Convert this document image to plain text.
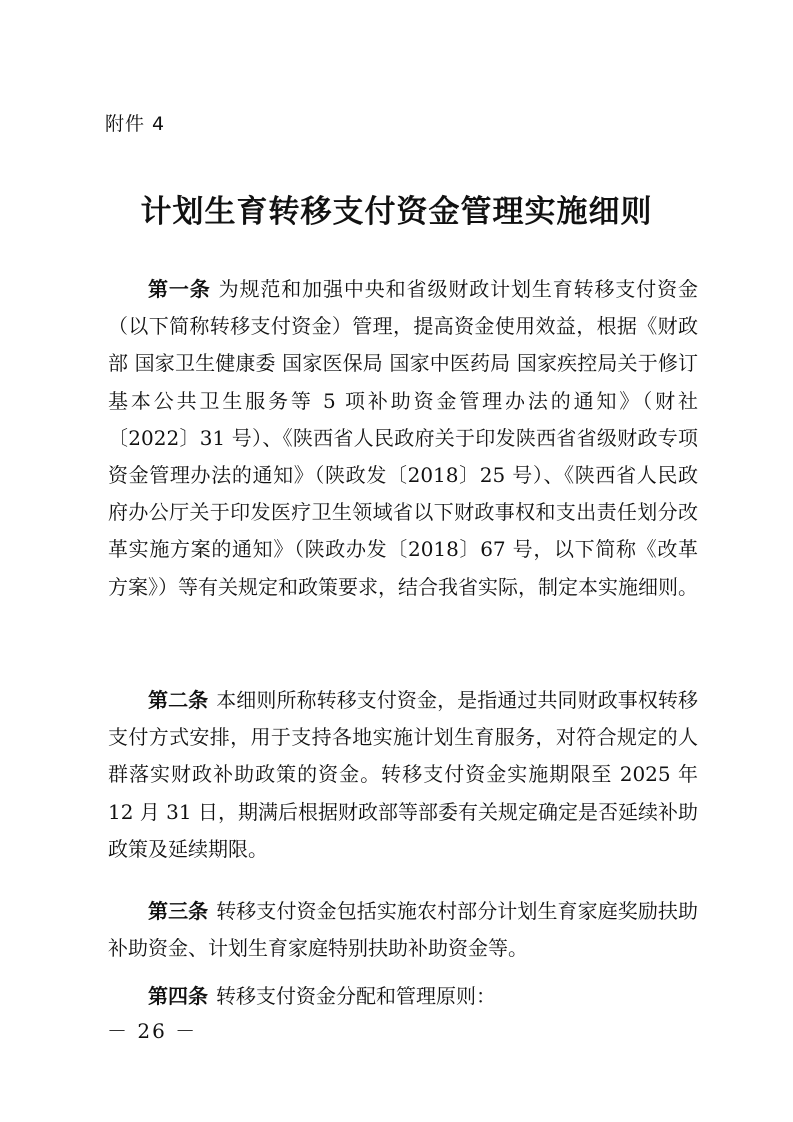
附件 4
计划生育转移支付资金管理实施细则

第一条 为规范和加强中央和省级财政计划生育转移支付资金（以下简称转移支付资金）管理，提高资金使用效益，根据《财政部 国家卫生健康委 国家医保局 国家中医药局 国家疾控局关于修订基本公共卫生服务等 5 项补助资金管理办法的通知》（财社〔2022〕31 号）、《陕西省人民政府关于印发陕西省省级财政专项资金管理办法的通知》（陕政发〔2018〕25 号）、《陕西省人民政府办公厅关于印发医疗卫生领域省以下财政事权和支出责任划分改革实施方案的通知》（陕政办发〔2018〕67 号，以下简称《改革方案》）等有关规定和政策要求，结合我省实际，制定本实施细则。

第二条 本细则所称转移支付资金，是指通过共同财政事权转移支付方式安排，用于支持各地实施计划生育服务，对符合规定的人群落实财政补助政策的资金。转移支付资金实施期限至 2025 年 12 月 31 日，期满后根据财政部等部委有关规定确定是否延续补助政策及延续期限。

第三条 转移支付资金包括实施农村部分计划生育家庭奖励扶助补助资金、计划生育家庭特别扶助补助资金等。

第四条 转移支付资金分配和管理原则：

－ 26 －
